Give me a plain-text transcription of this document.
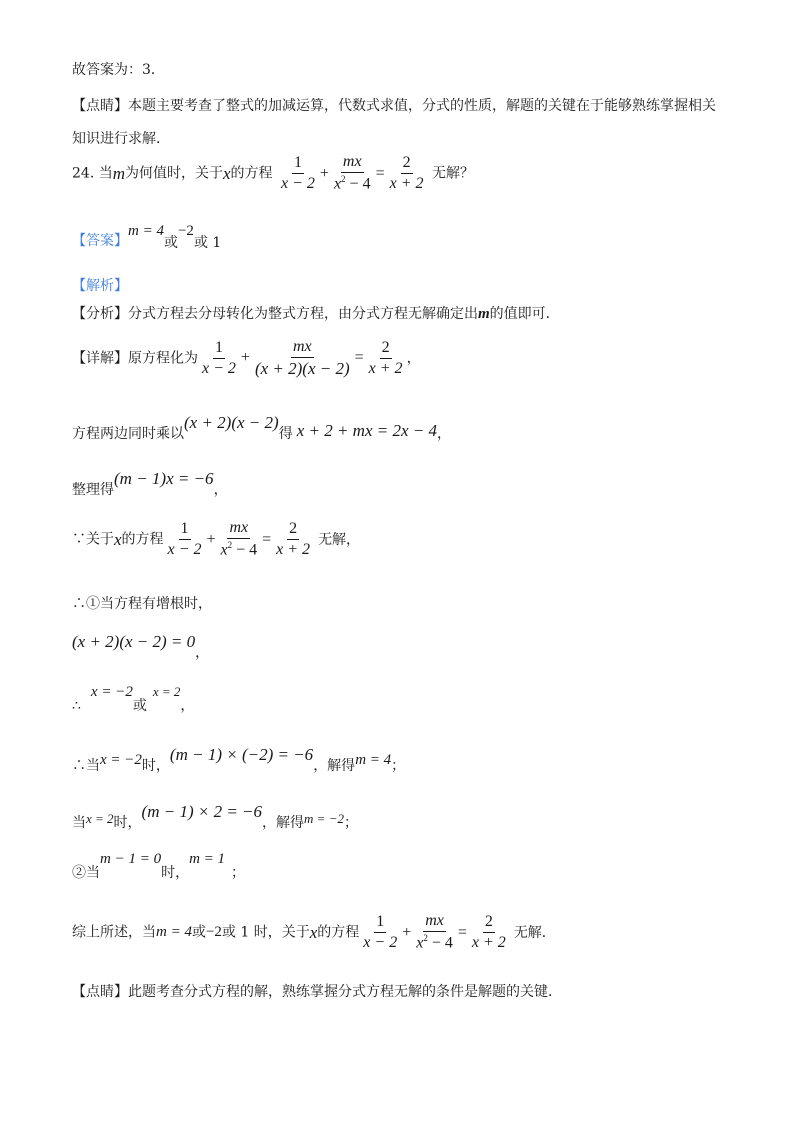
故答案为：3．
【点睛】本题主要考查了整式的加减运算，代数式求值，分式的性质，解题的关键在于能够熟练掌握相关
知识进行求解．
24. 当m为何值时，关于x的方程 $\frac{1}{x - 2} + \frac{mx}{x^2 - 4} = \frac{2}{x + 2}$ 无解？
【答案】m = 4或−2或 1
【解析】
【分析】分式方程去分母转化为整式方程，由分式方程无解确定出m的值即可．
【详解】原方程化为 $\frac{1}{x - 2} + \frac{mx}{(x + 2)(x - 2)} = \frac{2}{x + 2}$ ，
方程两边同时乘以(x + 2)(x − 2)得 x + 2 + mx = 2x − 4，
整理得(m − 1)x = −6，
∵关于x的方程 $\frac{1}{x - 2} + \frac{mx}{x^2 - 4} = \frac{2}{x + 2}$ 无解，
∴①当方程有增根时，
(x + 2)(x − 2) = 0，
∴x = −2或x = 2，
∴当x = −2时，(m − 1) × (−2) = −6，解得m = 4；
当x = 2时，(m − 1) × 2 = −6，解得m = −2；
②当m − 1 = 0时，m = 1；
综上所述，当m = 4或−2或 1 时，关于x的方程 $\frac{1}{x - 2} + \frac{mx}{x^2 - 4} = \frac{2}{x + 2}$ 无解．
【点睛】此题考查分式方程的解，熟练掌握分式方程无解的条件是解题的关键．
